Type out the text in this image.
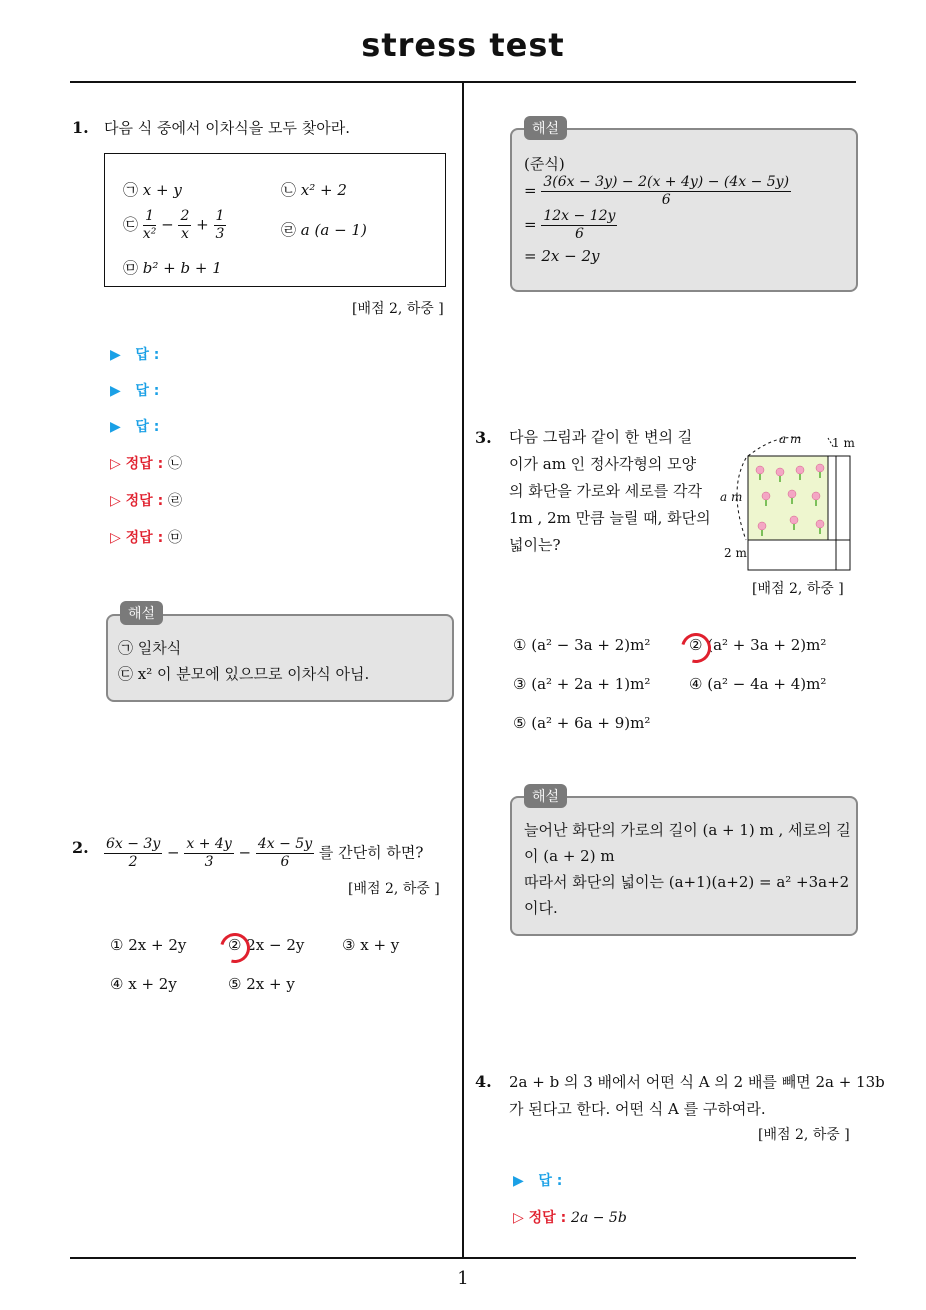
stress test
1
1. 다음 식 중에서 이차식을 모두 찾아라.
㉠ x + y	㉡ x² + 2
㉢ $\frac{1}{\text{x²}} - \frac{2}{x} + \frac{1}{3}$	㉣ a (a − 1)
㉤ b² + b + 1
[배점 2, 하중 ]
▶   답 :
▶   답 :
▶   답 :
▷ 정답 : ㉡
▷ 정답 : ㉣
▷ 정답 : ㉤
㉠ 일차식
㉢ x² 이 분모에 있으므로 이차식 아님.
해설
2. $\frac{6x - 3y}{2} - \frac{x + 4y}{3} - \frac{4x - 5y}{6}$ 를 간단히 하면?
[배점 2, 하중 ]
① 2x + 2y	② 2x − 2y	③ x + y
④ x + 2y	⑤ 2x + y
(준식)
= $\frac{3(6x - 3y) - 2(x + 4y) - (4x - 5y)}{6}$
= $\frac{12x - 12y}{6}$
= 2x − 2y
해설
3. 다음 그림과 같이 한 변의 길
이가 am 인 정사각형의 모양
의 화단을 가로와 세로를 각각
1m , 2m 만큼 늘릴 때, 화단의
넓이는?
a m	1 m
a m
2 m
[배점 2, 하중 ]
① (a² − 3a + 2)m²	② (a² + 3a + 2)m²
③ (a² + 2a + 1)m²	④ (a² − 4a + 4)m²
⑤ (a² + 6a + 9)m²
늘어난 화단의 가로의 길이 (a + 1) m , 세로의 길
이 (a + 2) m
따라서 화단의 넓이는 (a+1)(a+2) = a² +3a+2
이다.
해설
4. 2a + b 의 3 배에서 어떤 식 A 의 2 배를 빼면 2a + 13b
가 된다고 한다. 어떤 식 A 를 구하여라.
[배점 2, 하중 ]
▶   답 :
▷ 정답 : 2a − 5b
